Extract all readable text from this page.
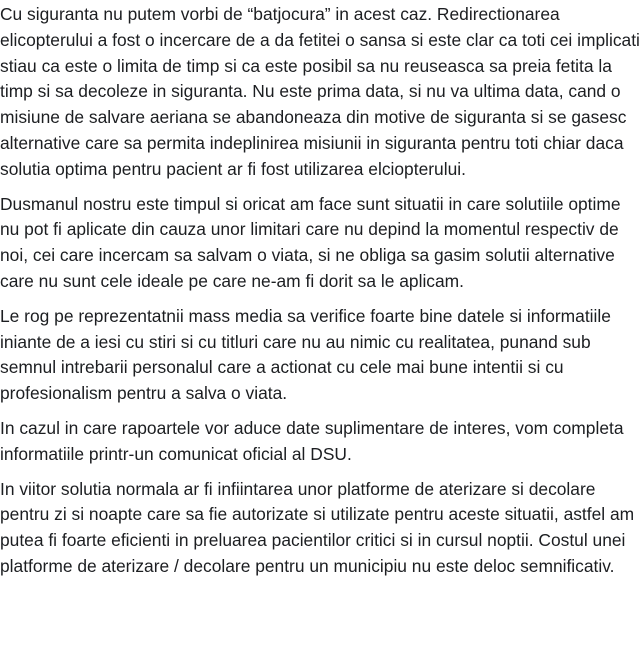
Cu siguranta nu putem vorbi de “batjocura” in acest caz. Redirectionarea elicopterului a fost o incercare de a da fetitei o sansa si este clar ca toti cei implicati stiau ca este o limita de timp si ca este posibil sa nu reuseasca sa preia fetita la timp si sa decoleze in siguranta. Nu este prima data, si nu va ultima data, cand o misiune de salvare aeriana se abandoneaza din motive de siguranta si se gasesc alternative care sa permita indeplinirea misiunii in siguranta pentru toti chiar daca solutia optima pentru pacient ar fi fost utilizarea elciopterului.

Dusmanul nostru este timpul si oricat am face sunt situatii in care solutiile optime nu pot fi aplicate din cauza unor limitari care nu depind la momentul respectiv de noi, cei care incercam sa salvam o viata, si ne obliga sa gasim solutii alternative care nu sunt cele ideale pe care ne-am fi dorit sa le aplicam.

Le rog pe reprezentatnii mass media sa verifice foarte bine datele si informatiile iniante de a iesi cu stiri si cu titluri care nu au nimic cu realitatea, punand sub semnul intrebarii personalul care a actionat cu cele mai bune intentii si cu profesionalism pentru a salva o viata.

In cazul in care rapoartele vor aduce date suplimentare de interes, vom completa informatiile printr-un comunicat oficial al DSU.

In viitor solutia normala ar fi infiintarea unor platforme de aterizare si decolare pentru zi si noapte care sa fie autorizate si utilizate pentru aceste situatii, astfel am putea fi foarte eficienti in preluarea pacientilor critici si in cursul noptii. Costul unei platforme de aterizare / decolare pentru un municipiu nu este deloc semnificativ.
